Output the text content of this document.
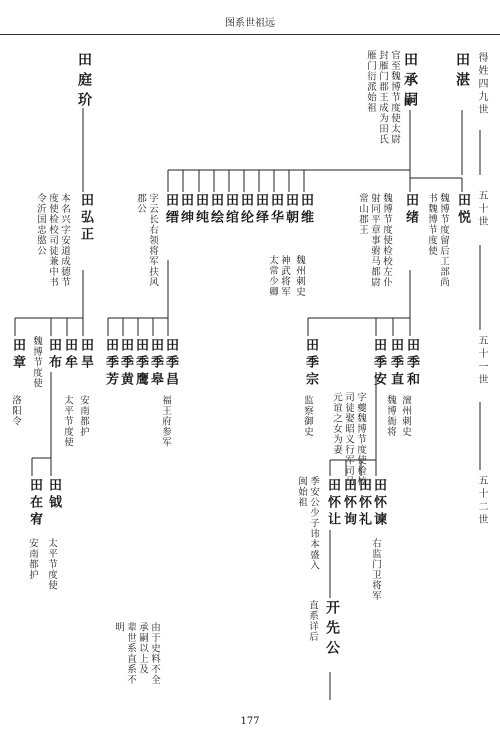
图系世祖远
得姓四九世
五十世
五十一世
五十二世
田湛
田承嗣
官至魏博节度使太尉
封雁门郡王成为田氏
雁门衍派始祖
田庭玠
田悦
魏博节度留后工部尚
书魏博节度使
田绪
魏博节度使检校左仆
射同平章事驸马都尉
常山郡王
田维
田朝
田华
田绎
田纶
田绾
田绘
田纯
田绅
田缙
魏州刺史
神武将军
太常少卿
字云长右领将军扶风
郡公
田弘正
本名兴字安道成德节
度使检校司徒兼中书
令沂国忠愍公
田季和
田季直
田季安
田季宗
澶州刺史
魏博衙将
字夔魏博节度使检校
司徒娶昭义行军司马
元谊之女为妻
监察御史
田季昌
田季皋
田季鹰
田季黄
田季芳
福王府参军
田旱
田牟
田布
田章
安南都护
太平节度使
魏博节度使
洛阳令
田怀谏
田怀礼
田怀询
田怀让
右监门卫将军
季安公少子讳本盛入
闽始祖
田钺
田在宥
太平节度使
安南都护
开先公
直系详后
由于史料不全
承嗣以上及
辈世系直系不
明
177
